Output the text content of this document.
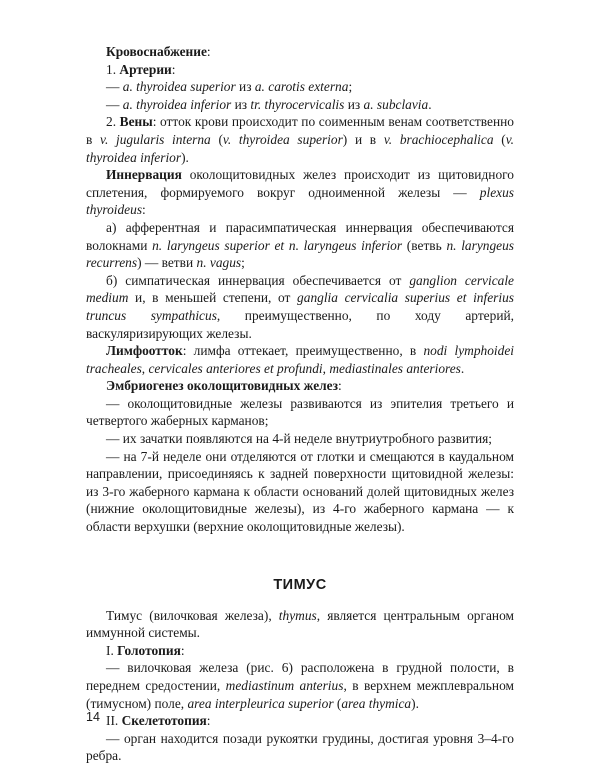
Кровоснабжение:

1. Артерии:

— a. thyroidea superior из a. carotis externa;

— a. thyroidea inferior из tr. thyrocervicalis из a. subclavia.

2. Вены: отток крови происходит по соименным венам соответственно в v. jugularis interna (v. thyroidea superior) и в v. brachiocephalica (v. thyroidea inferior).

Иннервация околощитовидных желез происходит из щитовидного сплетения, формируемого вокруг одноименной железы — plexus thyroideus:

а) афферентная и парасимпатическая иннервация обеспечиваются волокнами n. laryngeus superior et n. laryngeus inferior (ветвь n. laryngeus recurrens) — ветви n. vagus;

б) симпатическая иннервация обеспечивается от ganglion cervicale medium и, в меньшей степени, от ganglia cervicalia superius et inferius truncus sympathicus, преимущественно, по ходу артерий, васкуляризирующих железы.

Лимфоотток: лимфа оттекает, преимущественно, в nodi lymphoidei tracheales, cervicales anteriores et profundi, mediastinales anteriores.

Эмбриогенез околощитовидных желез:

— околощитовидные железы развиваются из эпителия третьего и четвертого жаберных карманов;

— их зачатки появляются на 4-й неделе внутриутробного развития;

— на 7-й неделе они отделяются от глотки и смещаются в каудальном направлении, присоединяясь к задней поверхности щитовидной железы: из 3-го жаберного кармана к области оснований долей щитовидных желез (нижние околощитовидные железы), из 4-го жаберного кармана — к области верхушки (верхние околощитовидные железы).

ТИМУС

Тимус (вилочковая железа), thymus, является центральным органом иммунной системы.

I. Голотопия:

— вилочковая железа (рис. 6) расположена в грудной полости, в переднем средостении, mediastinum anterius, в верхнем межплевральном (тимусном) поле, area interpleurica superior (area thymica).

II. Скелетотопия:

— орган находится позади рукоятки грудины, достигая уровня 3–4-го ребра.

14
